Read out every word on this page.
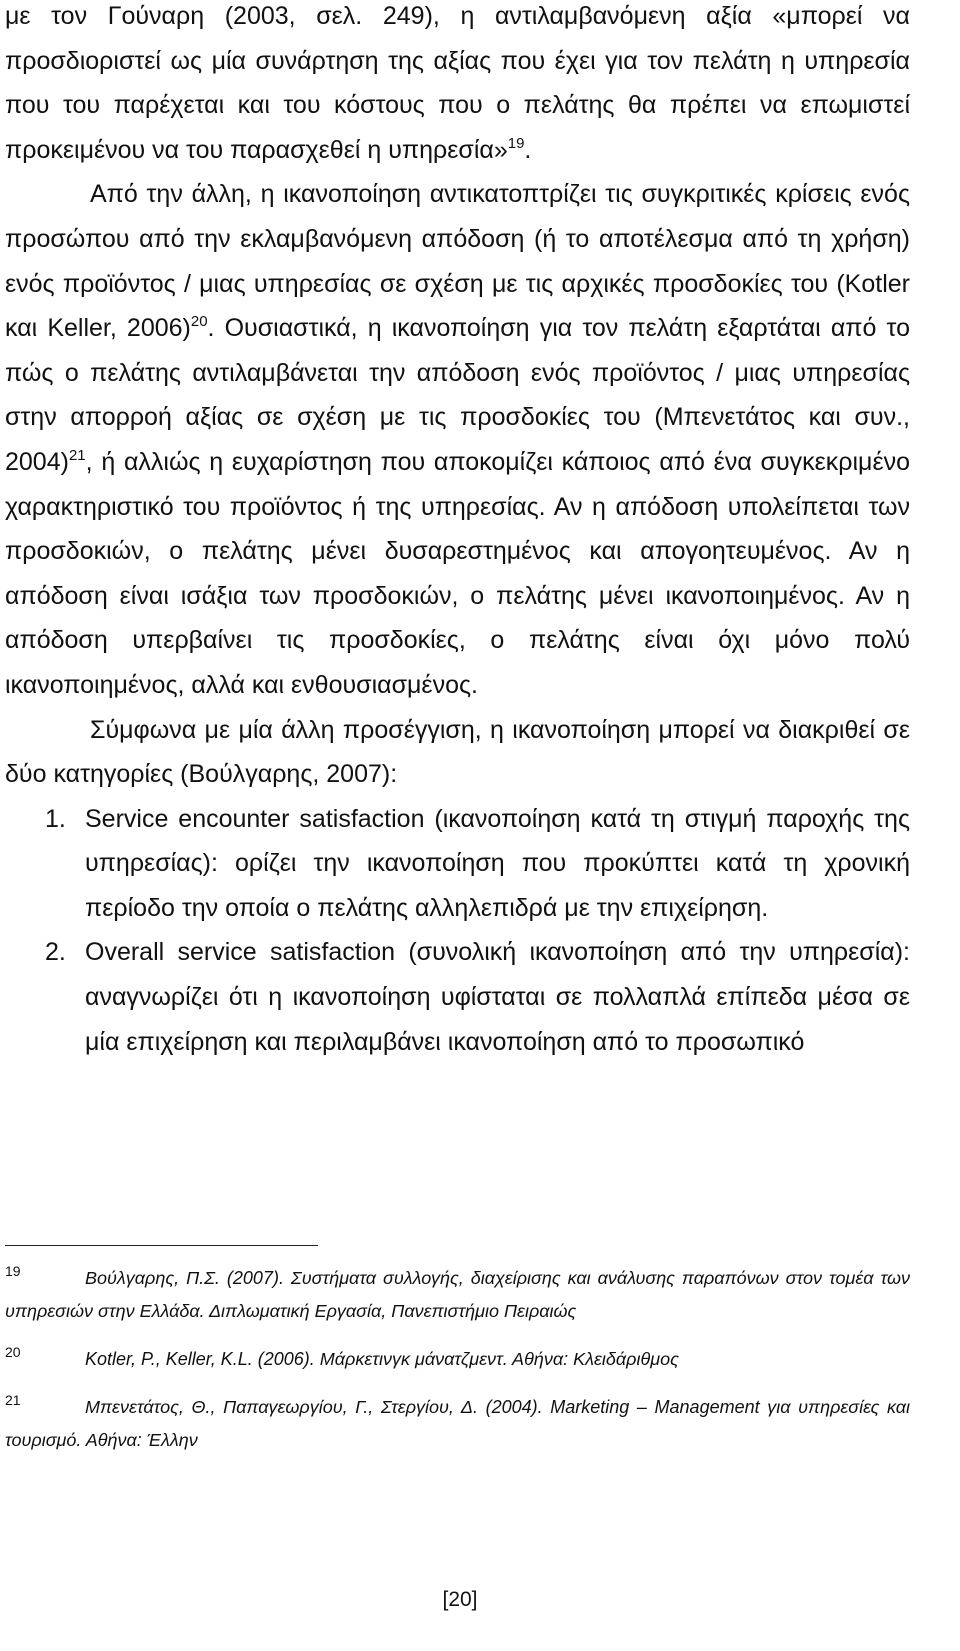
με τον Γούναρη (2003, σελ. 249), η αντιλαμβανόμενη αξία «μπορεί να προσδιοριστεί ως μία συνάρτηση της αξίας που έχει για τον πελάτη η υπηρεσία που του παρέχεται και του κόστους που ο πελάτης θα πρέπει να επωμιστεί προκειμένου να του παρασχεθεί η υπηρεσία»$^{19}$.

Από την άλλη, η ικανοποίηση αντικατοπτρίζει τις συγκριτικές κρίσεις ενός προσώπου από την εκλαμβανόμενη απόδοση (ή το αποτέλεσμα από τη χρήση) ενός προϊόντος / μιας υπηρεσίας σε σχέση με τις αρχικές προσδοκίες του (Kotler και Keller, 2006)$^{20}$. Ουσιαστικά, η ικανοποίηση για τον πελάτη εξαρτάται από το πώς ο πελάτης αντιλαμβάνεται την απόδοση ενός προϊόντος / μιας υπηρεσίας στην απορροή αξίας σε σχέση με τις προσδοκίες του (Μπενετάτος και συν., 2004)$^{21}$, ή αλλιώς η ευχαρίστηση που αποκομίζει κάποιος από ένα συγκεκριμένο χαρακτηριστικό του προϊόντος ή της υπηρεσίας. Αν η απόδοση υπολείπεται των προσδοκιών, ο πελάτης μένει δυσαρεστημένος και απογοητευμένος. Αν η απόδοση είναι ισάξια των προσδοκιών, ο πελάτης μένει ικανοποιημένος. Αν η απόδοση υπερβαίνει τις προσδοκίες, ο πελάτης είναι όχι μόνο πολύ ικανοποιημένος, αλλά και ενθουσιασμένος.

Σύμφωνα με μία άλλη προσέγγιση, η ικανοποίηση μπορεί να διακριθεί σε δύο κατηγορίες (Βούλγαρης, 2007):

1. Service encounter satisfaction (ικανοποίηση κατά τη στιγμή παροχής της υπηρεσίας): ορίζει την ικανοποίηση που προκύπτει κατά τη χρονική περίοδο την οποία ο πελάτης αλληλεπιδρά με την επιχείρηση.
2. Overall service satisfaction (συνολική ικανοποίηση από την υπηρεσία): αναγνωρίζει ότι η ικανοποίηση υφίσταται σε πολλαπλά επίπεδα μέσα σε μία επιχείρηση και περιλαμβάνει ικανοποίηση από το προσωπικό

19	Βούλγαρης, Π.Σ. (2007). Συστήματα συλλογής, διαχείρισης και ανάλυσης παραπόνων στον τομέα των υπηρεσιών στην Ελλάδα. Διπλωματική Εργασία, Πανεπιστήμιο Πειραιώς

20	Kotler, P., Keller, K.L. (2006). Μάρκετινγκ μάνατζμεντ. Αθήνα: Κλειδάριθμος

21	Μπενετάτος, Θ., Παπαγεωργίου, Γ., Στεργίου, Δ. (2004). Marketing – Management για υπηρεσίες και τουρισμό. Αθήνα: Έλλην

[20]
